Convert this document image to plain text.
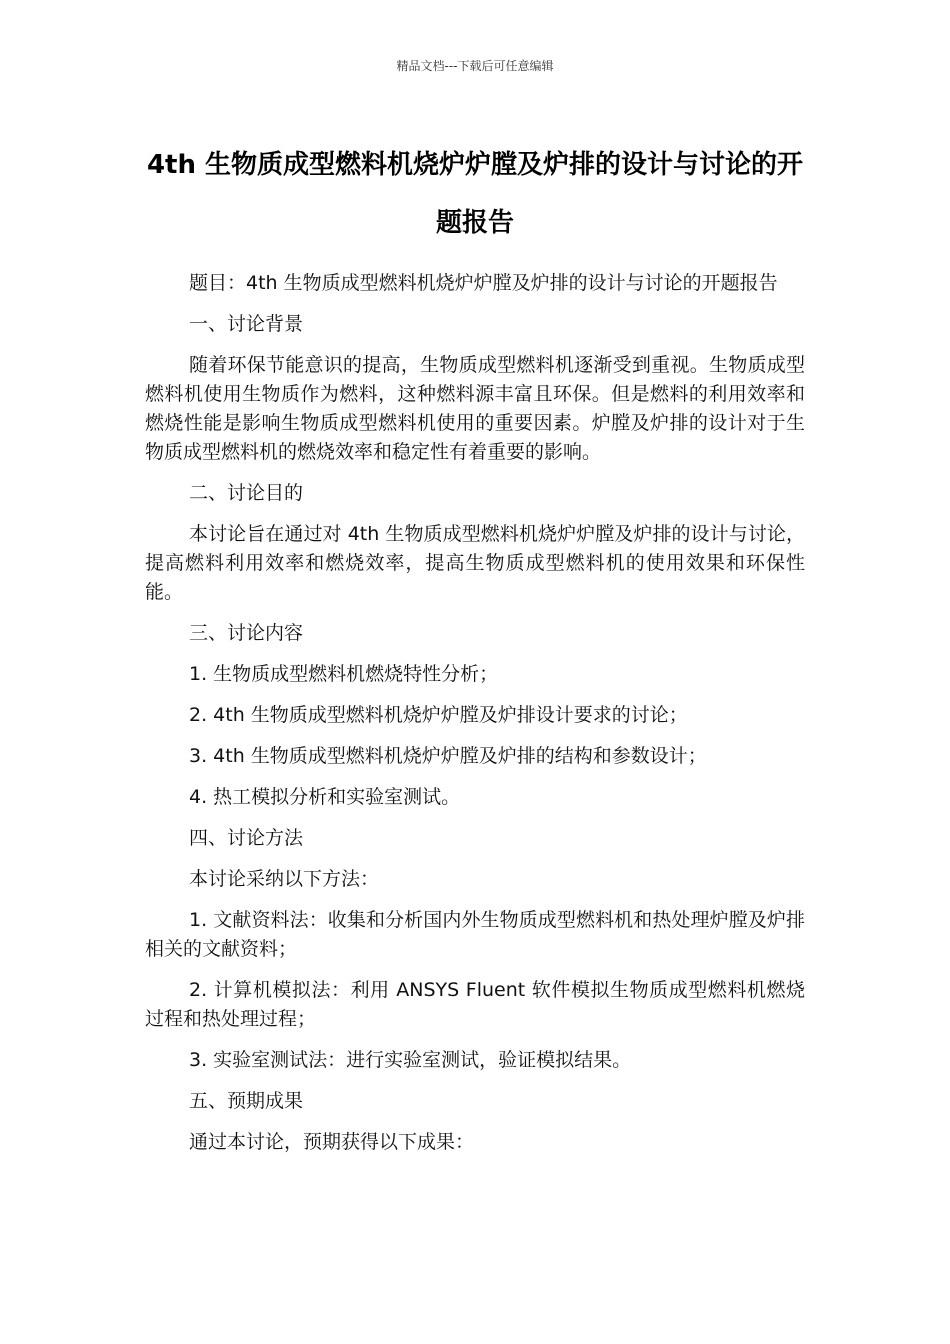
精品文档---下载后可任意编辑
4th 生物质成型燃料机烧炉炉膛及炉排的设计与讨论的开题报告

题目：4th 生物质成型燃料机烧炉炉膛及炉排的设计与讨论的开题报告

一、讨论背景

随着环保节能意识的提高，生物质成型燃料机逐渐受到重视。生物质成型燃料机使用生物质作为燃料，这种燃料源丰富且环保。但是燃料的利用效率和燃烧性能是影响生物质成型燃料机使用的重要因素。炉膛及炉排的设计对于生物质成型燃料机的燃烧效率和稳定性有着重要的影响。

二、讨论目的

本讨论旨在通过对 4th 生物质成型燃料机烧炉炉膛及炉排的设计与讨论，提高燃料利用效率和燃烧效率，提高生物质成型燃料机的使用效果和环保性能。

三、讨论内容

1. 生物质成型燃料机燃烧特性分析；

2. 4th 生物质成型燃料机烧炉炉膛及炉排设计要求的讨论；

3. 4th 生物质成型燃料机烧炉炉膛及炉排的结构和参数设计；

4. 热工模拟分析和实验室测试。

四、讨论方法

本讨论采纳以下方法：

1. 文献资料法：收集和分析国内外生物质成型燃料机和热处理炉膛及炉排相关的文献资料；

2. 计算机模拟法：利用 ANSYS Fluent 软件模拟生物质成型燃料机燃烧过程和热处理过程；

3. 实验室测试法：进行实验室测试，验证模拟结果。

五、预期成果

通过本讨论，预期获得以下成果：
